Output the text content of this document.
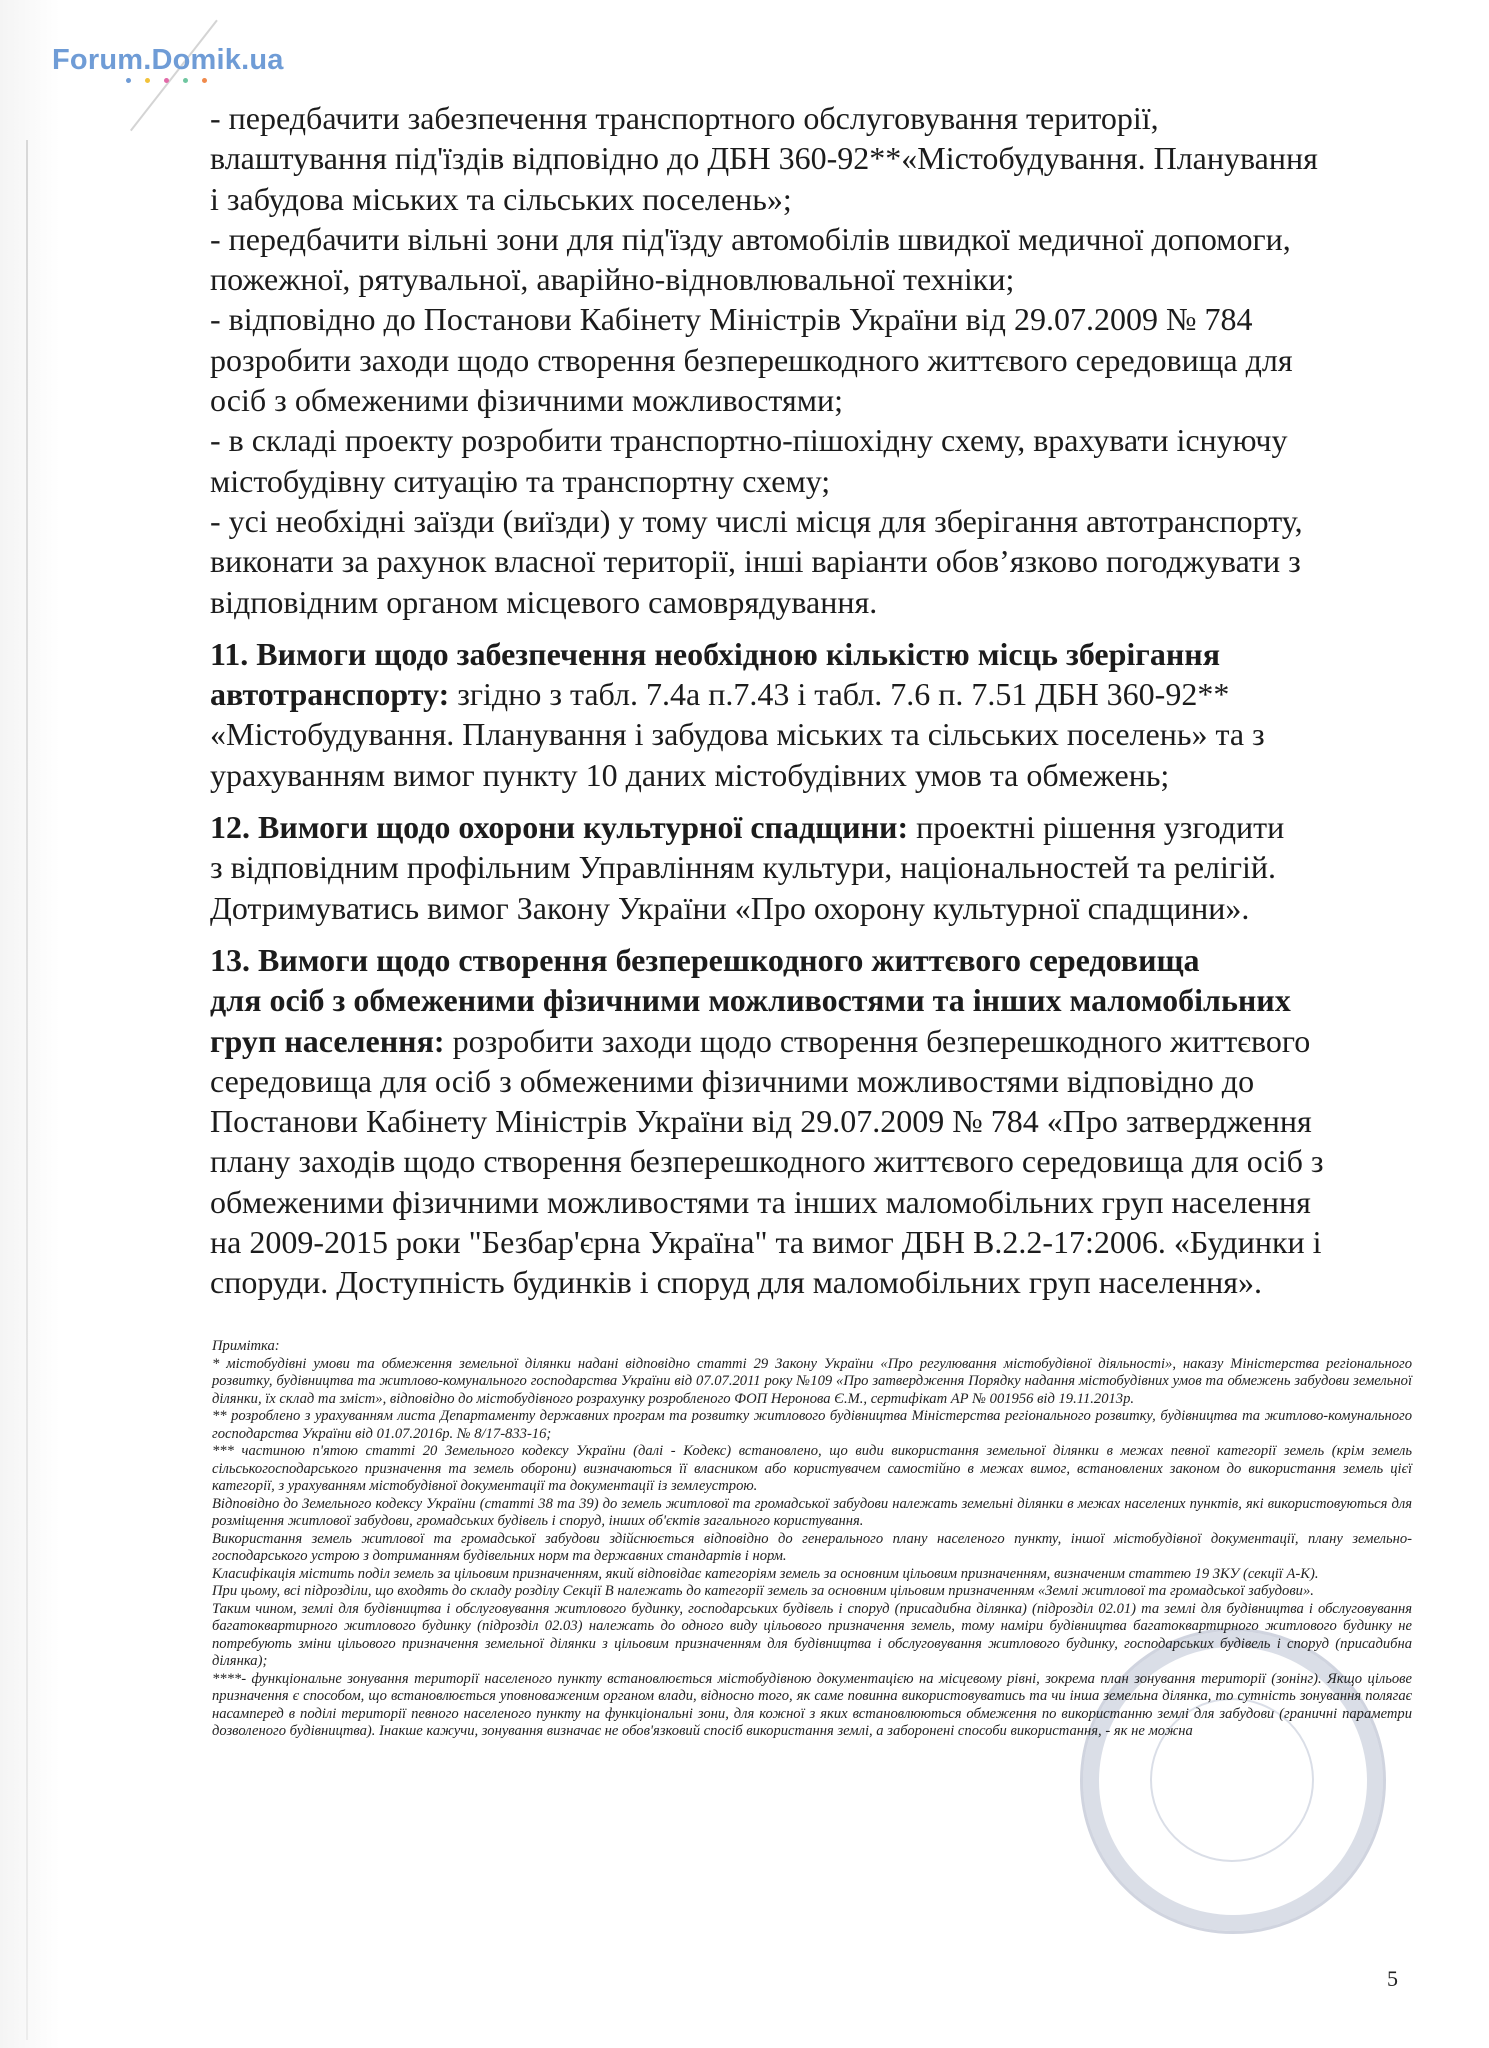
Forum.Domik.ua
- передбачити забезпечення транспортного обслуговування території,
влаштування під'їздів відповідно до ДБН 360-92**«Містобудування. Планування
і забудова міських та сільських поселень»;
- передбачити вільні зони для під'їзду автомобілів швидкої медичної допомоги,
пожежної, рятувальної, аварійно-відновлювальної техніки;
- відповідно до Постанови Кабінету Міністрів України від 29.07.2009 № 784
розробити заходи щодо створення безперешкодного життєвого середовища для
осіб з обмеженими фізичними можливостями;
- в складі проекту розробити транспортно-пішохідну схему, врахувати існуючу
містобудівну ситуацію та транспортну схему;
- усі необхідні заїзди (виїзди) у тому числі місця для зберігання автотранспорту,
виконати за рахунок власної території, інші варіанти обов’язково погоджувати з
відповідним органом місцевого самоврядування.
11. Вимоги щодо забезпечення необхідною кількістю місць зберігання
автотранспорту: згідно з табл. 7.4а п.7.43 і табл. 7.6 п. 7.51 ДБН 360-92**
«Містобудування. Планування і забудова міських та сільських поселень» та з
урахуванням вимог пункту 10 даних містобудівних умов та обмежень;
12. Вимоги щодо охорони культурної спадщини: проектні рішення узгодити
з відповідним профільним Управлінням культури, національностей та релігій.
Дотримуватись вимог Закону України «Про охорону культурної спадщини».
13. Вимоги щодо створення безперешкодного життєвого середовища
для осіб з обмеженими фізичними можливостями та інших маломобільних
груп населення: розробити заходи щодо створення безперешкодного життєвого
середовища для осіб з обмеженими фізичними можливостями відповідно до
Постанови Кабінету Міністрів України від 29.07.2009 № 784 «Про затвердження
плану заходів щодо створення безперешкодного життєвого середовища для осіб з
обмеженими фізичними можливостями та інших маломобільних груп населення
на 2009-2015 роки "Безбар'єрна Україна" та вимог ДБН В.2.2-17:2006. «Будинки і
споруди. Доступність будинків і споруд для маломобільних груп населення».

Примітка:

* містобудівні умови та обмеження земельної ділянки надані відповідно статті 29 Закону України «Про регулювання містобудівної діяльності», наказу Міністерства регіонального розвитку, будівництва та житлово-комунального господарства України від 07.07.2011 року №109 «Про затвердження Порядку надання містобудівних умов та обмежень забудови земельної ділянки, їх склад та зміст», відповідно до містобудівного розрахунку розробленого ФОП Неронова Є.М., сертифікат АР № 001956 від 19.11.2013р.

** розроблено з урахуванням листа Департаменту державних програм та розвитку житлового будівництва Міністерства регіонального розвитку, будівництва та житлово-комунального господарства України від 01.07.2016р. № 8/17-833-16;

*** частиною п'ятою статті 20 Земельного кодексу України (далі - Кодекс) встановлено, що види використання земельної ділянки в межах певної категорії земель (крім земель сільськогосподарського призначення та земель оборони) визначаються її власником або користувачем самостійно в межах вимог, встановлених законом до використання земель цієї категорії, з урахуванням містобудівної документації та документації із землеустрою.

Відповідно до Земельного кодексу України (статті 38 та 39) до земель житлової та громадської забудови належать земельні ділянки в межах населених пунктів, які використовуються для розміщення житлової забудови, громадських будівель і споруд, інших об'єктів загального користування.

Використання земель житлової та громадської забудови здійснюється відповідно до генерального плану населеного пункту, іншої містобудівної документації, плану земельно- господарського устрою з дотриманням будівельних норм та державних стандартів і норм.

Класифікація містить поділ земель за цільовим призначенням, який відповідає категоріям земель за основним цільовим призначенням, визначеним статтею 19 ЗКУ (секції А-К).

При цьому, всі підрозділи, що входять до складу розділу Секції В належать до категорії земель за основним цільовим призначенням «Землі житлової та громадської забудови».

Таким чином, землі для будівництва і обслуговування житлового будинку, господарських будівель і споруд (присадибна ділянка) (підрозділ 02.01) та землі для будівництва і обслуговування багатоквартирного житлового будинку (підрозділ 02.03) належать до одного виду цільового призначення земель, тому наміри будівництва багатоквартирного житлового будинку не потребують зміни цільового призначення земельної ділянки з цільовим призначенням для будівництва і обслуговування житлового будинку, господарських будівель і споруд (присадибна ділянка);

****- функціональне зонування території населеного пункту встановлюється містобудівною документацією на місцевому рівні, зокрема план зонування території (зонінг). Якщо цільове призначення є способом, що встановлюється уповноваженим органом влади, відносно того, як саме повинна використовуватись та чи інша земельна ділянка, то сутність зонування полягає насамперед в поділі території певного населеного пункту на функціональні зони, для кожної з яких встановлюються обмеження по використанню землі для забудови (граничні параметри дозволеного будівництва). Інакше кажучи, зонування визначає не обов'язковий спосіб використання землі, а заборонені способи використання, - як не можна

5
